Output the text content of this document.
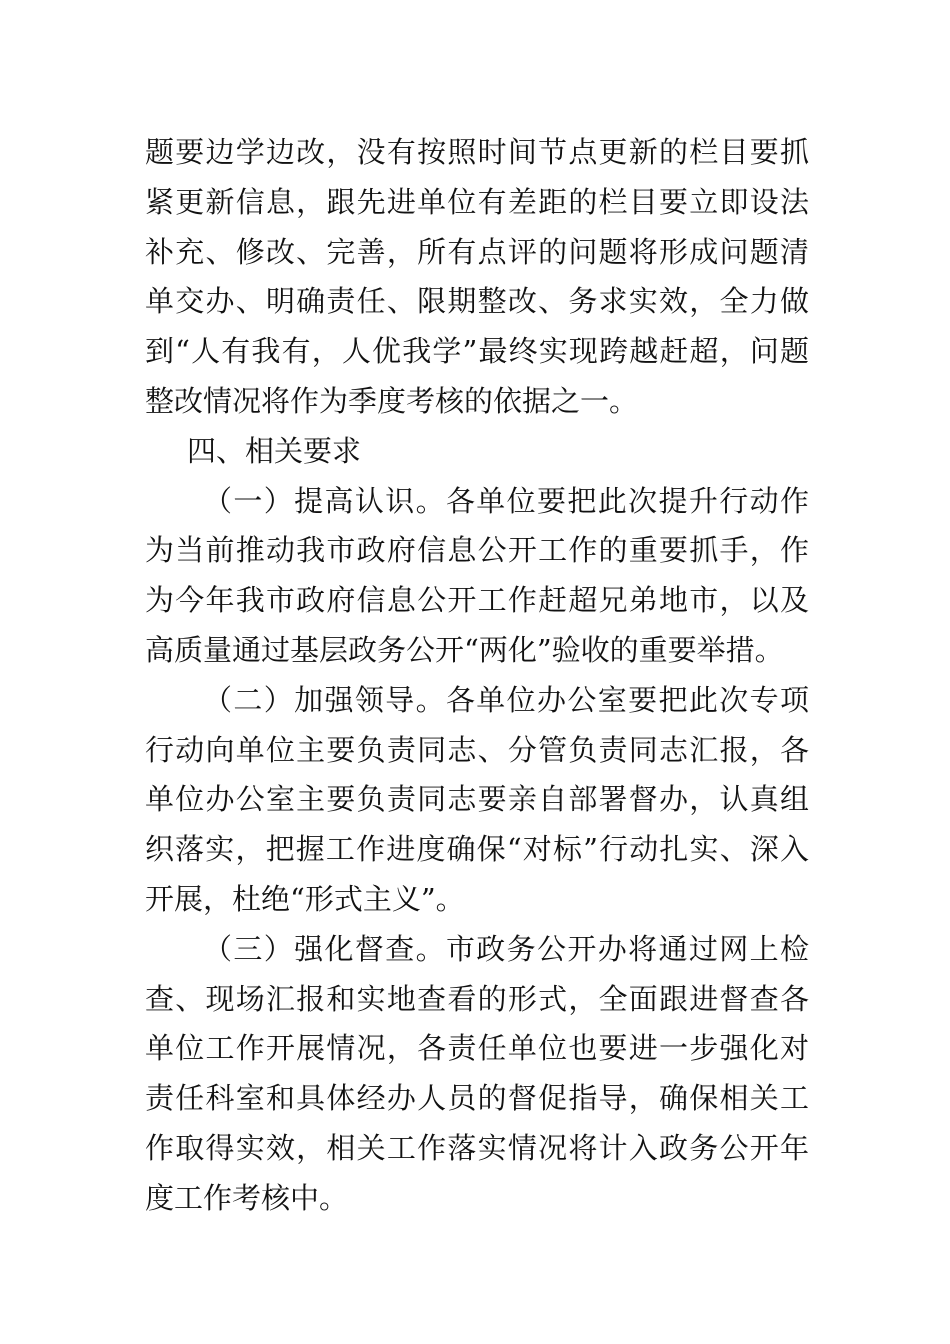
题要边学边改，没有按照时间节点更新的栏目要抓紧更新信息，跟先进单位有差距的栏目要立即设法补充、修改、完善，所有点评的问题将形成问题清单交办、明确责任、限期整改、务求实效，全力做到“人有我有，人优我学”最终实现跨越赶超，问题整改情况将作为季度考核的依据之一。

四、相关要求

（一）提高认识。各单位要把此次提升行动作为当前推动我市政府信息公开工作的重要抓手，作为今年我市政府信息公开工作赶超兄弟地市，以及高质量通过基层政务公开“两化”验收的重要举措。

（二）加强领导。各单位办公室要把此次专项行动向单位主要负责同志、分管负责同志汇报，各单位办公室主要负责同志要亲自部署督办，认真组织落实，把握工作进度确保“对标”行动扎实、深入开展，杜绝“形式主义”。

（三）强化督查。市政务公开办将通过网上检查、现场汇报和实地查看的形式，全面跟进督查各单位工作开展情况，各责任单位也要进一步强化对责任科室和具体经办人员的督促指导，确保相关工作取得实效，相关工作落实情况将计入政务公开年度工作考核中。
